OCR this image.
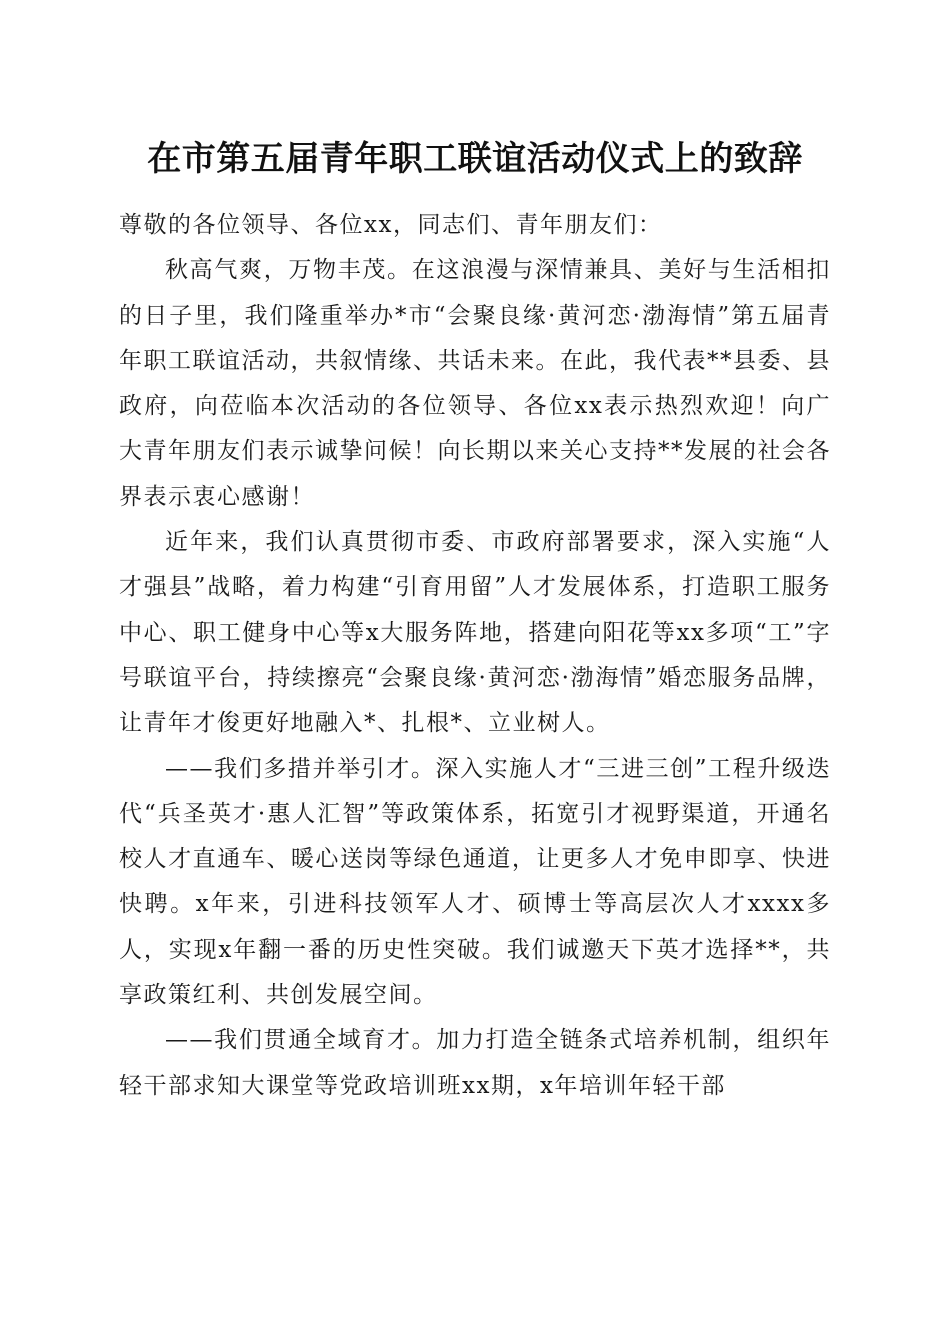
在市第五届青年职工联谊活动仪式上的致辞

尊敬的各位领导、各位xx，同志们、青年朋友们：

秋高气爽，万物丰茂。在这浪漫与深情兼具、美好与生活相扣的日子里，我们隆重举办*市“会聚良缘·黄河恋·渤海情”第五届青年职工联谊活动，共叙情缘、共话未来。在此，我代表**县委、县政府，向莅临本次活动的各位领导、各位xx表示热烈欢迎！向广大青年朋友们表示诚挚问候！向长期以来关心支持**发展的社会各界表示衷心感谢！

近年来，我们认真贯彻市委、市政府部署要求，深入实施“人才强县”战略，着力构建“引育用留”人才发展体系，打造职工服务中心、职工健身中心等x大服务阵地，搭建向阳花等xx多项“工”字号联谊平台，持续擦亮“会聚良缘·黄河恋·渤海情”婚恋服务品牌，让青年才俊更好地融入*、扎根*、立业树人。

——我们多措并举引才。深入实施人才“三进三创”工程升级迭代“兵圣英才·惠人汇智”等政策体系，拓宽引才视野渠道，开通名校人才直通车、暖心送岗等绿色通道，让更多人才免申即享、快进快聘。x年来，引进科技领军人才、硕博士等高层次人才xxxx多人，实现x年翻一番的历史性突破。我们诚邀天下英才选择**，共享政策红利、共创发展空间。

——我们贯通全域育才。加力打造全链条式培养机制，组织年轻干部求知大课堂等党政培训班xx期，x年培训年轻干部
